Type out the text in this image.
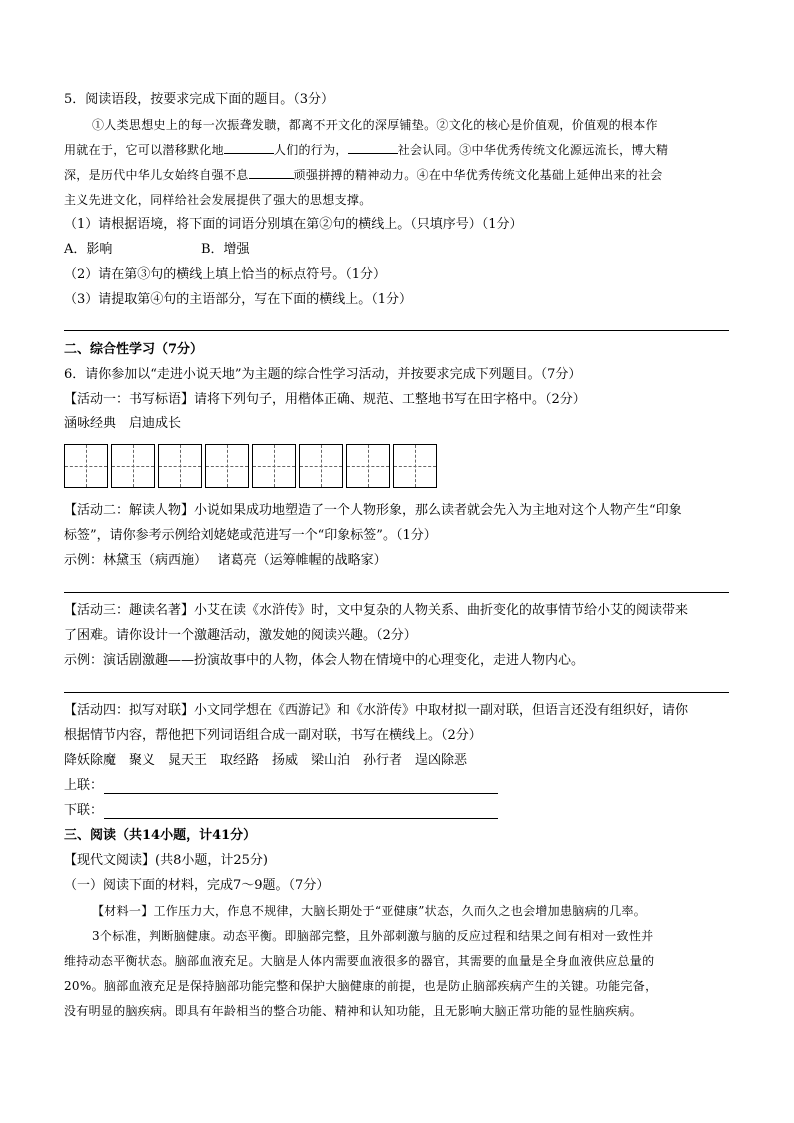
5．阅读语段，按要求完成下面的题目。（3分）
①人类思想史上的每一次振聋发聩，都离不开文化的深厚铺垫。②文化的核心是价值观，价值观的根本作
用就在于，它可以潜移默化地	人们的行为，	社会认同。③中华优秀传统文化源远流长，博大精
深，是历代中华儿女始终自强不息	顽强拼搏的精神动力。④在中华优秀传统文化基础上延伸出来的社会
主义先进文化，同样给社会发展提供了强大的思想支撑。
（1）请根据语境，将下面的词语分别填在第②句的横线上。（只填序号）（1分）
A．影响	B．增强
（2）请在第③句的横线上填上恰当的标点符号。（1分）
（3）请提取第④句的主语部分，写在下面的横线上。（1分）
二、综合性学习（7分）
6．请你参加以“走进小说天地”为主题的综合性学习活动，并按要求完成下列题目。（7分）
【活动一：书写标语】请将下列句子，用楷体正确、规范、工整地书写在田字格中。（2分）
涵咏经典　启迪成长
【活动二：解读人物】小说如果成功地塑造了一个人物形象，那么读者就会先入为主地对这个人物产生“印象
标签”，请你参考示例给刘姥姥或范进写一个“印象标签”。（1分）
示例：林黛玉（病西施）　 诸葛亮（运筹帷幄的战略家）
【活动三：趣读名著】小艾在读《水浒传》时，文中复杂的人物关系、曲折变化的故事情节给小艾的阅读带来
了困难。请你设计一个激趣活动，激发她的阅读兴趣。（2分）
示例：演话剧激趣——扮演故事中的人物，体会人物在情境中的心理变化，走进人物内心。
【活动四：拟写对联】小文同学想在《西游记》和《水浒传》中取材拟一副对联，但语言还没有组织好，请你
根据情节内容，帮他把下列词语组合成一副对联，书写在横线上。（2分）
降妖除魔　聚义　晁天王　取经路　扬威　梁山泊　孙行者　逞凶除恶
上联：
下联：
三、阅读（共14小题，计41分）
【现代文阅读】(共8小题，计25分)
（一）阅读下面的材料，完成7～9题。（7分）
【材料一】工作压力大，作息不规律，大脑长期处于“亚健康”状态，久而久之也会增加患脑病的几率。
3个标准，判断脑健康。动态平衡。即脑部完整，且外部刺激与脑的反应过程和结果之间有相对一致性并
维持动态平衡状态。脑部血液充足。大脑是人体内需要血液很多的器官，其需要的血量是全身血液供应总量的
20%。脑部血液充足是保持脑部功能完整和保护大脑健康的前提，也是防止脑部疾病产生的关键。功能完备，
没有明显的脑疾病。即具有年龄相当的整合功能、精神和认知功能，且无影响大脑正常功能的显性脑疾病。
